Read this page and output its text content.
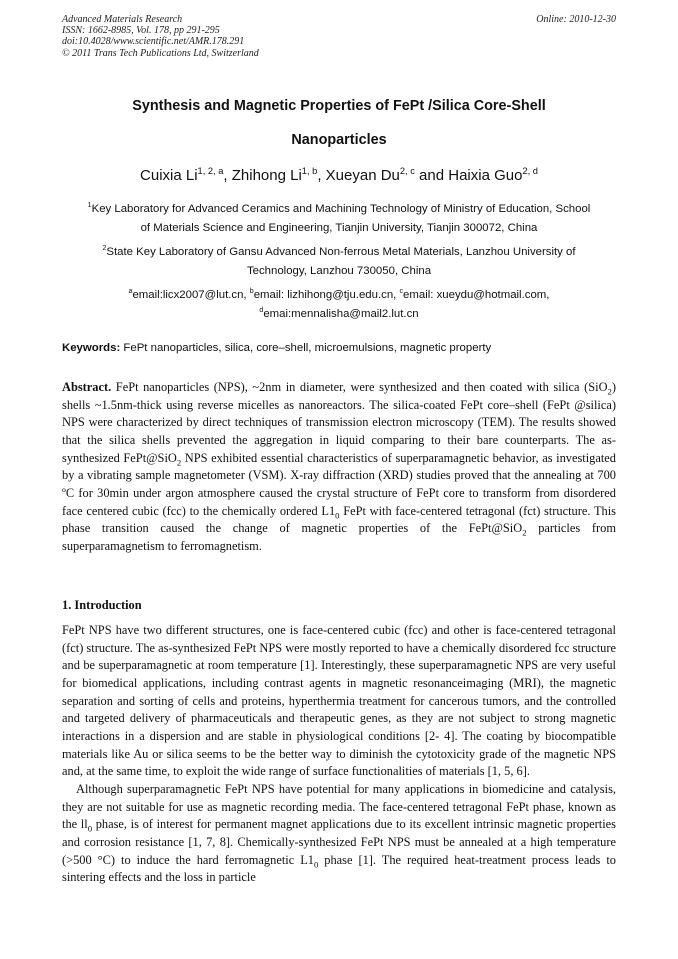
Advanced Materials Research
ISSN: 1662-8985, Vol. 178, pp 291-295
doi:10.4028/www.scientific.net/AMR.178.291
© 2011 Trans Tech Publications Ltd, Switzerland
Online: 2010-12-30
Synthesis and Magnetic Properties of FePt /Silica Core-Shell
Nanoparticles
Cuixia Li$^{1, 2, a}$, Zhihong Li$^{1, b}$, Xueyan Du$^{2, c}$ and Haixia Guo$^{2, d}$
$^1$Key Laboratory for Advanced Ceramics and Machining Technology of Ministry of Education, School
of Materials Science and Engineering, Tianjin University, Tianjin 300072, China
$^2$State Key Laboratory of Gansu Advanced Non-ferrous Metal Materials, Lanzhou University of
Technology, Lanzhou 730050, China
$^a$email:licx2007@lut.cn, $^b$email: lizhihong@tju.edu.cn, $^c$email: xueydu@hotmail.com,
$^d$emai:mennalisha@mail2.lut.cn
Keywords: FePt nanoparticles, silica, core–shell, microemulsions, magnetic property

Abstract. FePt nanoparticles (NPS), ~2nm in diameter, were synthesized and then coated with silica (SiO$_2$) shells ~1.5nm-thick using reverse micelles as nanoreactors. The silica-coated FePt core–shell (FePt @silica) NPS were characterized by direct techniques of transmission electron microscopy (TEM). The results showed that the silica shells prevented the aggregation in liquid comparing to their bare counterparts. The as-synthesized FePt@SiO$_2$ NPS exhibited essential characteristics of superparamagnetic behavior, as investigated by a vibrating sample magnetometer (VSM). X-ray diffraction (XRD) studies proved that the annealing at 700 ºC for 30min under argon atmosphere caused the crystal structure of FePt core to transform from disordered face centered cubic (fcc) to the chemically ordered $L1_0$ FePt with face-centered tetragonal (fct) structure. This phase transition caused the change of magnetic properties of the FePt@SiO$_2$ particles from superparamagnetism to ferromagnetism.

1. Introduction

FePt NPS have two different structures, one is face-centered cubic (fcc) and other is face-centered tetragonal (fct) structure. The as-synthesized FePt NPS were mostly reported to have a chemically disordered fcc structure and be superparamagnetic at room temperature [1]. Interestingly, these superparamagnetic NPS are very useful for biomedical applications, including contrast agents in magnetic resonanceimaging (MRI), the magnetic separation and sorting of cells and proteins, hyperthermia treatment for cancerous tumors, and the controlled and targeted delivery of pharmaceuticals and therapeutic genes, as they are not subject to strong magnetic interactions in a dispersion and are stable in physiological conditions [2- 4]. The coating by biocompatible materials like Au or silica seems to be the better way to diminish the cytotoxicity grade of the magnetic NPS and, at the same time, to exploit the wide range of surface functionalities of materials [1, 5, 6].

Although superparamagnetic FePt NPS have potential for many applications in biomedicine and catalysis, they are not suitable for use as magnetic recording media. The face-centered tetragonal FePt phase, known as the $ll_0$ phase, is of interest for permanent magnet applications due to its excellent intrinsic magnetic properties and corrosion resistance [1, 7, 8]. Chemically-synthesized FePt NPS must be annealed at a high temperature (>500 °C) to induce the hard ferromagnetic $L1_0$ phase [1]. The required heat-treatment process leads to sintering effects and the loss in particle
